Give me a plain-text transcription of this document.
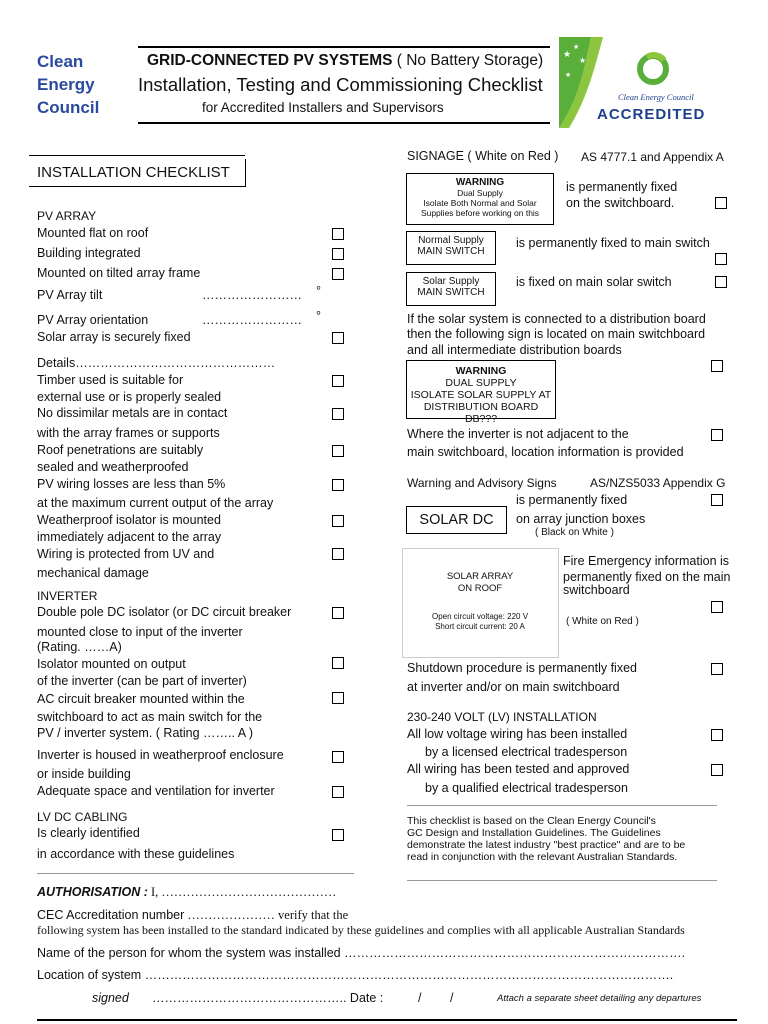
Clean
Energy
Council
GRID-CONNECTED PV SYSTEMS ( No Battery Storage)
Installation, Testing and Commissioning Checklist
for Accredited Installers and Supervisors
★
★
★
★
Clean Energy Council
ACCREDITED
INSTALLATION CHECKLIST
PV ARRAY
Mounted flat on roof
Building integrated
Mounted on tilted array frame
PV Array tilt	…………………… °
PV Array orientation	…………………… °
Solar array is securely fixed
Details…………………………………………
Timber used is suitable for
external use or is properly sealed
No dissimilar metals are in contact
with the array frames or supports
Roof penetrations are suitably
sealed and weatherproofed
PV wiring losses are less than 5%
at the maximum current output of the array
Weatherproof isolator is mounted
immediately adjacent to the array
Wiring is protected from UV and
mechanical damage
INVERTER
Double pole DC isolator (or DC circuit breaker
mounted close to input of the inverter
(Rating. ……A)
Isolator mounted on output
of the inverter (can be part of inverter)
AC circuit breaker mounted within the
switchboard to act as main switch for the
PV / inverter system. ( Rating …….. A )
Inverter is housed in weatherproof enclosure
or inside building
Adequate space and ventilation for inverter
LV DC CABLING
Is clearly identified
in accordance with these guidelines
SIGNAGE ( White on Red ) AS 4777.1 and Appendix A
WARNING
Dual Supply
Isolate Both Normal and Solar
Supplies before working on this
is permanently fixed
on the switchboard.
Normal Supply
MAIN SWITCH
is permanently fixed to main switch
Solar Supply
MAIN SWITCH
is fixed on main solar switch
If the solar system is connected to a distribution board
then the following sign is located on main switchboard
and all intermediate distribution boards
WARNING
DUAL SUPPLY
ISOLATE SOLAR SUPPLY AT
DISTRIBUTION BOARD DB???
Where the inverter is not adjacent to the
main switchboard, location information is provided
Warning and Advisory Signs	AS/NZS5033 Appendix G
is permanently fixed
SOLAR DC	on array junction boxes
( Black on White )
SOLAR ARRAY
ON ROOF
Open circuit voltage: 220 V
Short circuit current: 20 A
Fire Emergency information is
permanently fixed on the main
switchboard
( White on Red )
Shutdown procedure is permanently fixed
at inverter and/or on main switchboard
230-240 VOLT (LV) INSTALLATION
All low voltage wiring has been installed
by a licensed electrical tradesperson
All wiring has been tested and approved
by a qualified electrical tradesperson
This checklist is based on the Clean Energy Council's
GC Design and Installation Guidelines. The Guidelines
demonstrate the latest industry "best practice" and are to be
read in conjunction with the relevant Australian Standards.
AUTHORISATION : I, ……………………………………
CEC Accreditation number ………………… verify that the
following system has been installed to the standard indicated by these guidelines and complies with all applicable Australian Standards
Name of the person for whom the system was installed ……………………………………………………………………….
Location of system ……………………………………………………………………………………………………………….
signed ……………………………………….. Date :	/ /	Attach a separate sheet detailing any departures
